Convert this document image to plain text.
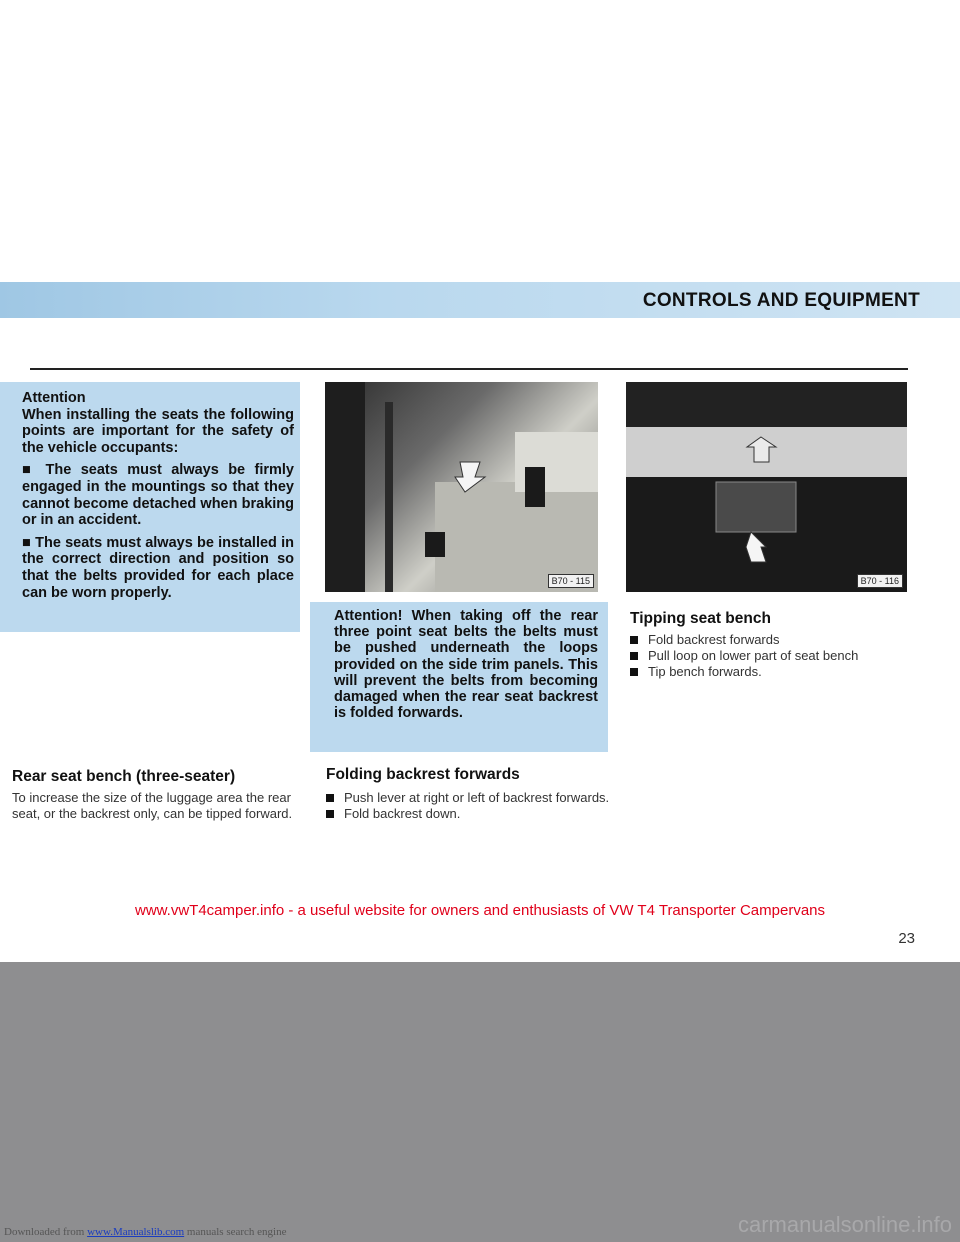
CONTROLS AND EQUIPMENT

Attention

When installing the seats the following points are important for the safety of the vehicle occupants:

■ The seats must always be firmly engaged in the mountings so that they cannot become detached when braking or in an accident.

■ The seats must always be installed in the correct direction and position so that the belts provided for each place can be worn properly.

Rear seat bench (three-seater)
To increase the size of the luggage area the rear seat, or the backrest only, can be tipped forward.
B70 - 115	B70 - 116
Attention! When taking off the rear three point seat belts the belts must be pushed underneath the loops provided on the side trim panels. This will prevent the belts from becoming damaged when the rear seat backrest is folded forwards.
Folding backrest forwards
Push lever at right or left of backrest forwards.
Fold backrest down.
Tipping seat bench
Fold backrest forwards
Pull loop on lower part of seat bench
Tip bench forwards.
www.vwT4camper.info - a useful website for owners and enthusiasts of VW T4 Transporter Campervans
23
carmanualsonline.info
Downloaded from www.Manualslib.com manuals search engine
